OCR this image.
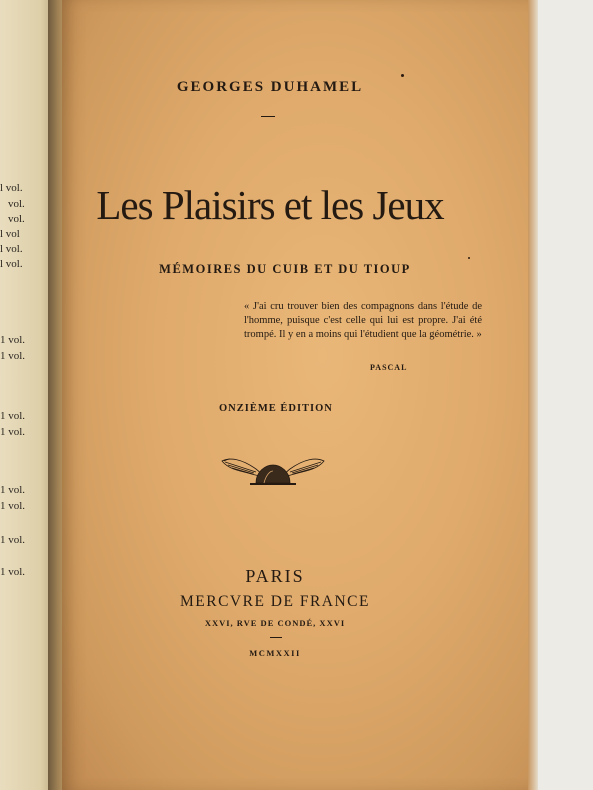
l vol.
vol.
vol.
l vol
l vol.
l vol.
1 vol.
1 vol.
1 vol.
1 vol.
1 vol.
1 vol.
1 vol.
1 vol.
GEORGES DUHAMEL
Les Plaisirs et les Jeux
MÉMOIRES DU CUIB ET DU TIOUP
« J'ai cru trouver bien des compagnons dans l'étude de l'homme, puisque c'est celle qui lui est propre. J'ai été trompé. Il y en a moins qui l'étudient que la géométrie. »
PASCAL
ONZIÈME ÉDITION
PARIS
MERCVRE DE FRANCE
XXVI, RVE DE CONDÉ, XXVI
MCMXXII
